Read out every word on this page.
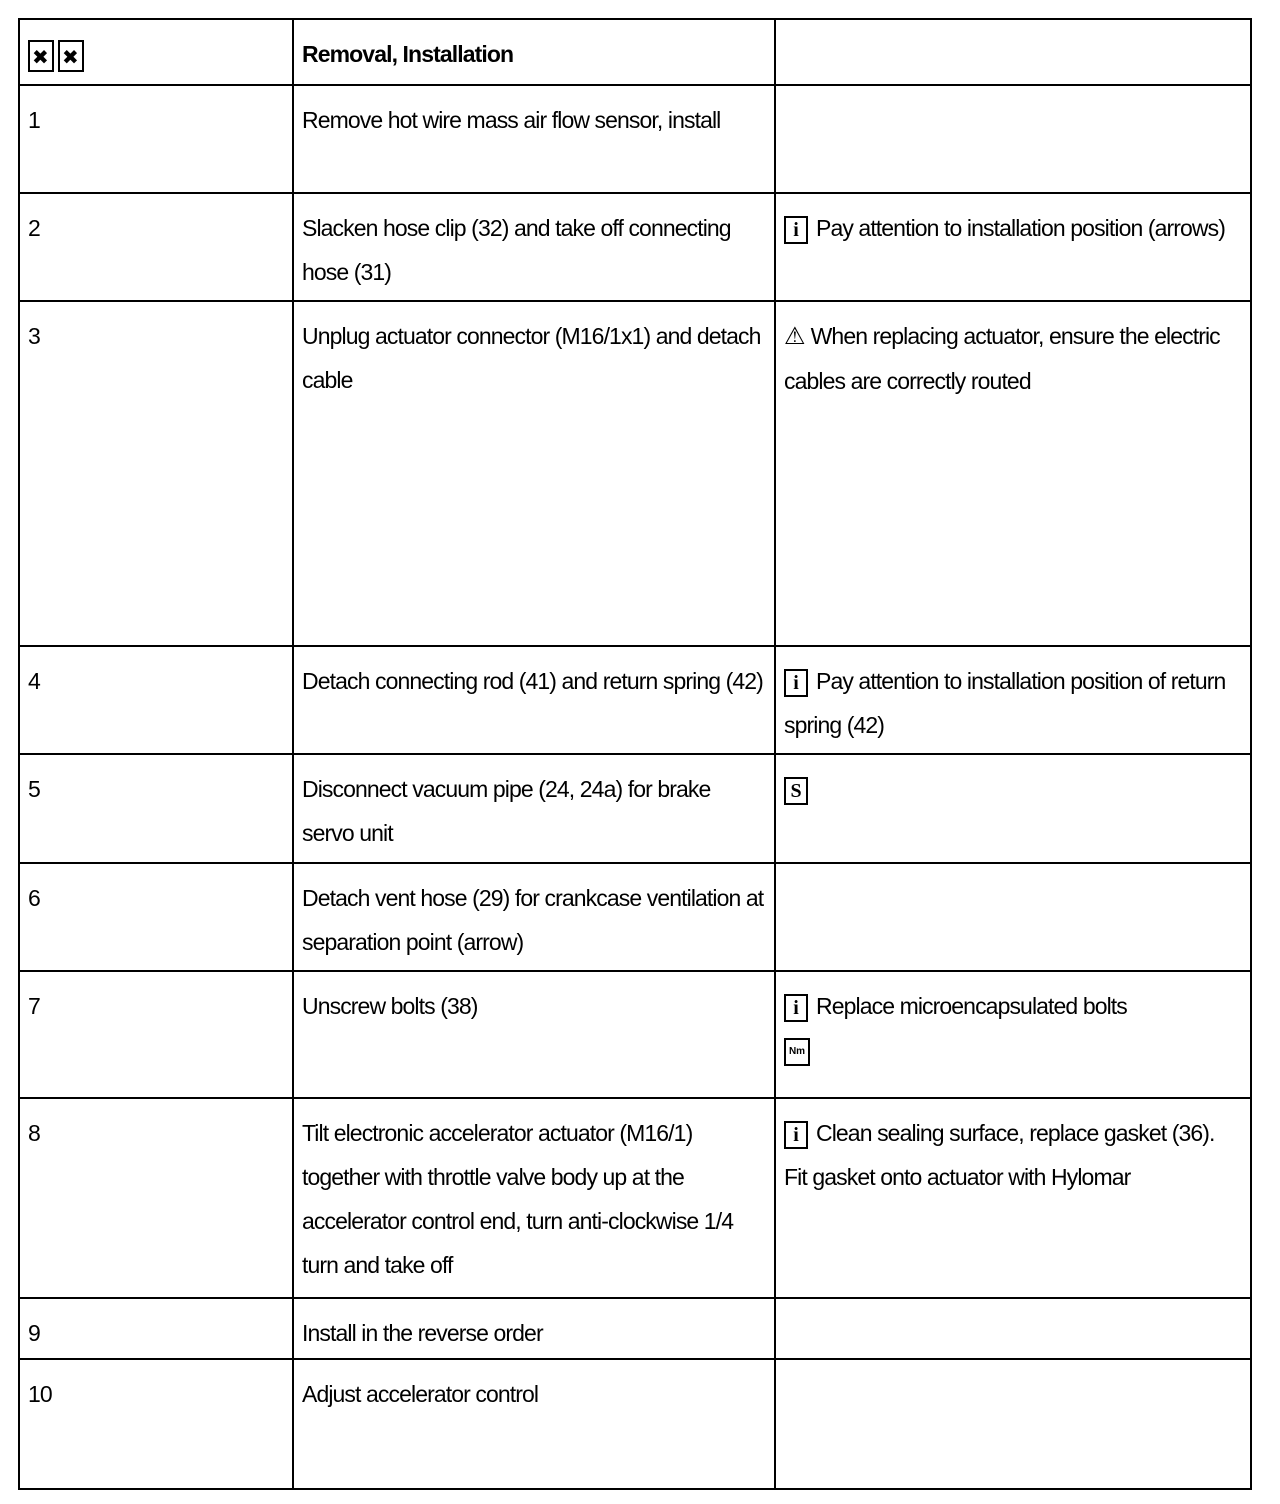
✖✖	Removal, Installation	
1	Remove hot wire mass air flow sensor, install	
2	Slacken hose clip (32) and take off connecting hose (31)	i Pay attention to installation position (arrows)
3	Unplug actuator connector (M16/1x1) and detach cable	⚠ When replacing actuator, ensure the electric cables are correctly routed
4	Detach connecting rod (41) and return spring (42)	i Pay attention to installation position of return spring (42)
5	Disconnect vacuum pipe (24, 24a) for brake servo unit	S
6	Detach vent hose (29) for crankcase ventilation at separation point (arrow)	
7	Unscrew bolts (38)	i Replace microencapsulated bolts
Nm
8	Tilt electronic accelerator actuator (M16/1) together with throttle valve body up at the accelerator control end, turn anti-clockwise 1/4 turn and take off	i Clean sealing surface, replace gasket (36). Fit gasket onto actuator with Hylomar
9	Install in the reverse order	
10	Adjust accelerator control	
